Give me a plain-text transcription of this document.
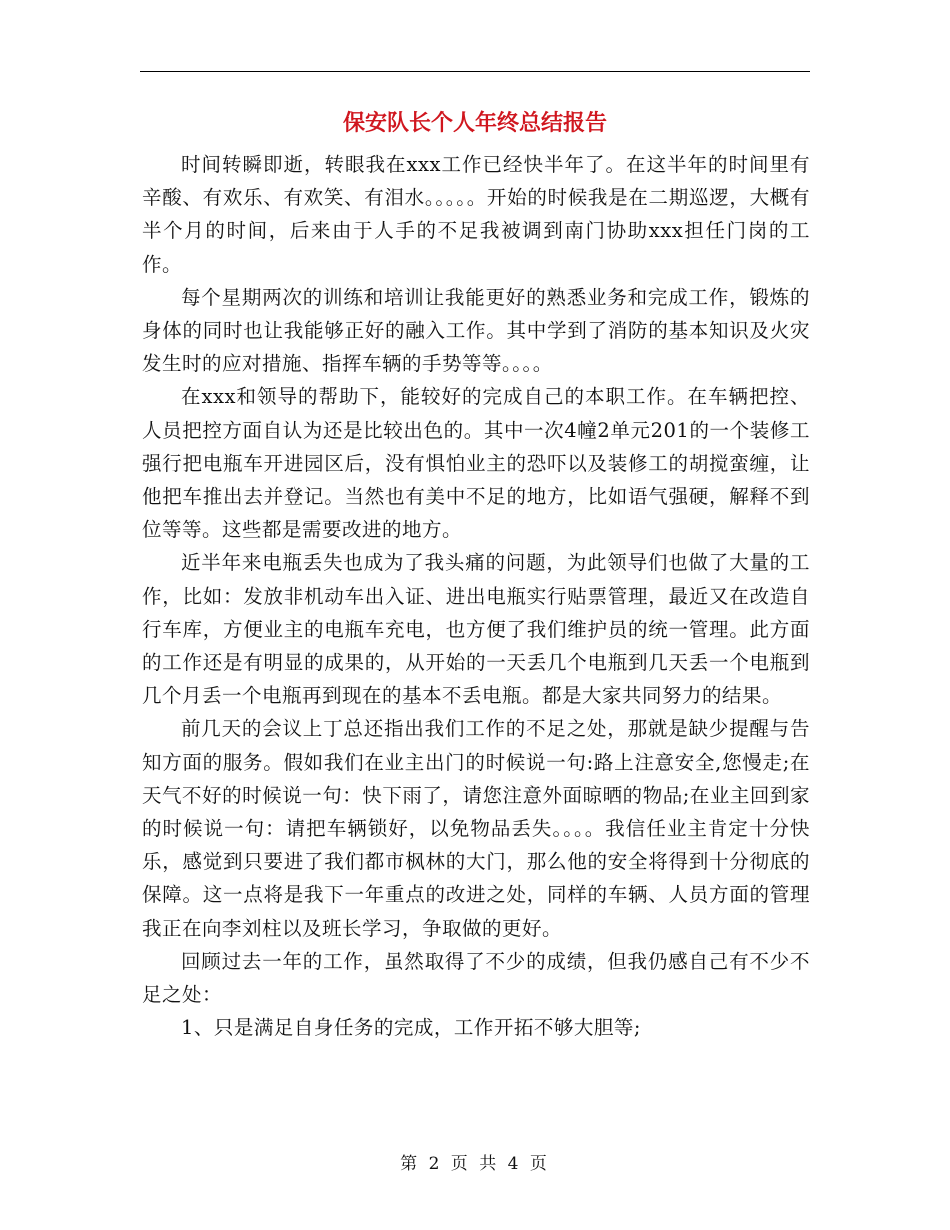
保安队长个人年终总结报告

时间转瞬即逝，转眼我在xxx工作已经快半年了。在这半年的时间里有辛酸、有欢乐、有欢笑、有泪水。。。。。开始的时候我是在二期巡逻，大概有半个月的时间，后来由于人手的不足我被调到南门协助xxx担任门岗的工作。

每个星期两次的训练和培训让我能更好的熟悉业务和完成工作，锻炼的身体的同时也让我能够正好的融入工作。其中学到了消防的基本知识及火灾发生时的应对措施、指挥车辆的手势等等。。。。

在xxx和领导的帮助下，能较好的完成自己的本职工作。在车辆把控、人员把控方面自认为还是比较出色的。其中一次4幢2单元201的一个装修工强行把电瓶车开进园区后，没有惧怕业主的恐吓以及装修工的胡搅蛮缠，让他把车推出去并登记。当然也有美中不足的地方，比如语气强硬，解释不到位等等。这些都是需要改进的地方。

近半年来电瓶丢失也成为了我头痛的问题，为此领导们也做了大量的工作，比如：发放非机动车出入证、进出电瓶实行贴票管理，最近又在改造自行车库，方便业主的电瓶车充电，也方便了我们维护员的统一管理。此方面的工作还是有明显的成果的，从开始的一天丢几个电瓶到几天丢一个电瓶到几个月丢一个电瓶再到现在的基本不丢电瓶。都是大家共同努力的结果。

前几天的会议上丁总还指出我们工作的不足之处，那就是缺少提醒与告知方面的服务。假如我们在业主出门的时候说一句:路上注意安全,您慢走;在天气不好的时候说一句：快下雨了，请您注意外面晾晒的物品;在业主回到家的时候说一句：请把车辆锁好，以免物品丢失。。。。我信任业主肯定十分快乐，感觉到只要进了我们都市枫林的大门，那么他的安全将得到十分彻底的保障。这一点将是我下一年重点的改进之处，同样的车辆、人员方面的管理我正在向李刘柱以及班长学习，争取做的更好。

回顾过去一年的工作，虽然取得了不少的成绩，但我仍感自己有不少不足之处：

1、只是满足自身任务的完成，工作开拓不够大胆等;

第 2 页 共 4 页
